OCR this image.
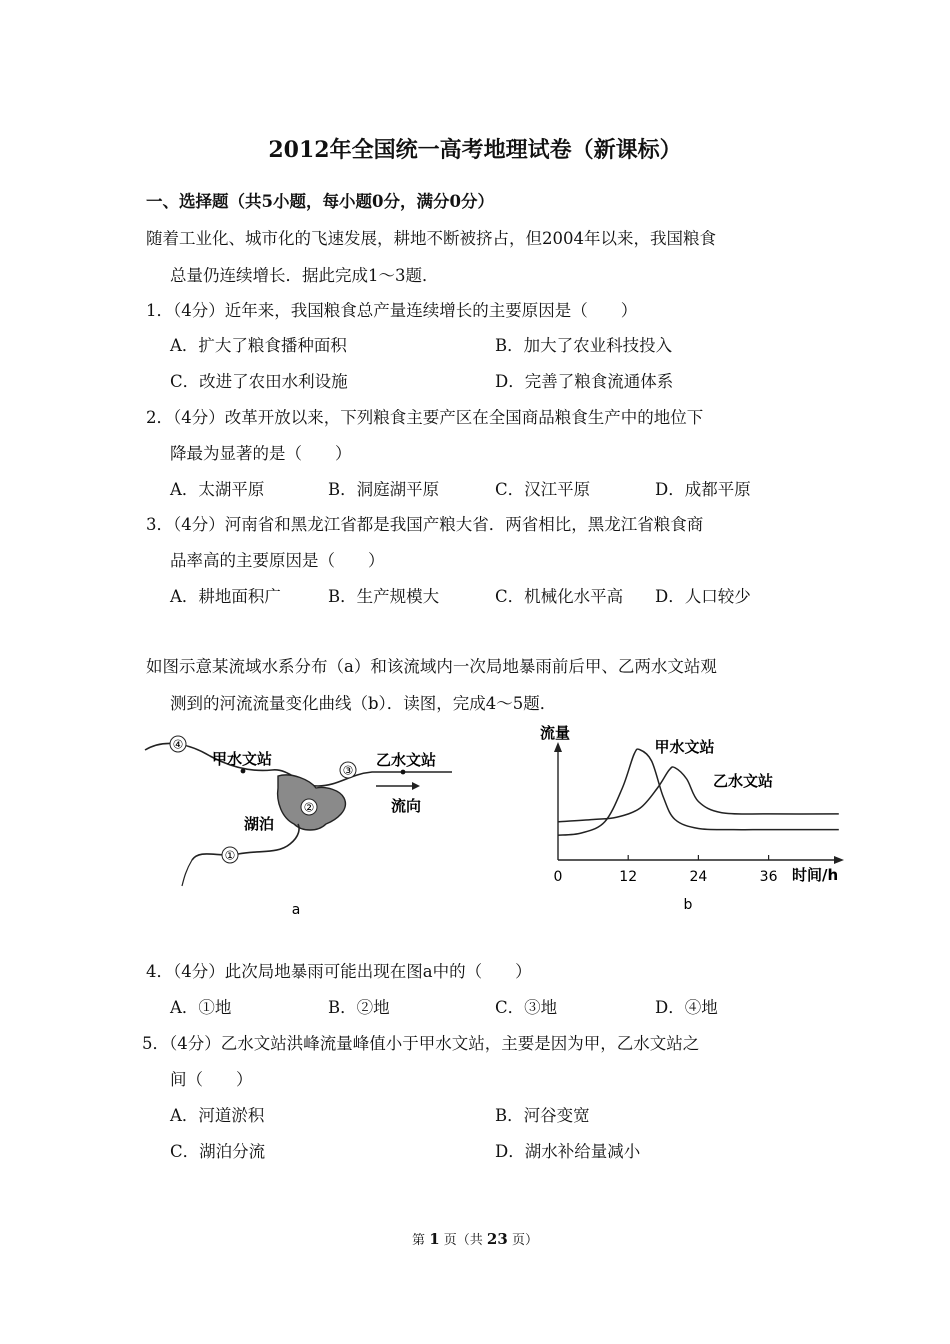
2012年全国统一高考地理试卷（新课标）
一、选择题（共5小题，每小题0分，满分0分）
随着工业化、城市化的飞速发展，耕地不断被挤占，但2004年以来，我国粮食
总量仍连续增长．据此完成1～3题．
1．（4分）近年来，我国粮食总产量连续增长的主要原因是（　　）
A．扩大了粮食播种面积	B．加大了农业科技投入
C．改进了农田水利设施	D．完善了粮食流通体系
2．（4分）改革开放以来，下列粮食主要产区在全国商品粮食生产中的地位下
降最为显著的是（　　）
A．太湖平原	B．洞庭湖平原	C．汉江平原	D．成都平原
3．（4分）河南省和黑龙江省都是我国产粮大省．两省相比，黑龙江省粮食商
品率高的主要原因是（　　）
A．耕地面积广	B．生产规模大	C．机械化水平高 D．人口较少
如图示意某流域水系分布（a）和该流域内一次局地暴雨前后甲、乙两水文站观
测到的河流流量变化曲线（b）．读图，完成4～5题．
④
③
②
①
甲水文站	乙水文站
湖泊
流向
a
流量
时间/h
0	12	24	36
甲水文站
乙水文站
b
4．（4分）此次局地暴雨可能出现在图a中的（　　）
A．①地	B．②地	C．③地	D．④地
5．（4分）乙水文站洪峰流量峰值小于甲水文站，主要是因为甲，乙水文站之
间（　　）
A．河道淤积	B．河谷变宽
C．湖泊分流	D．湖水补给量减小
第 1 页（共 23 页）
